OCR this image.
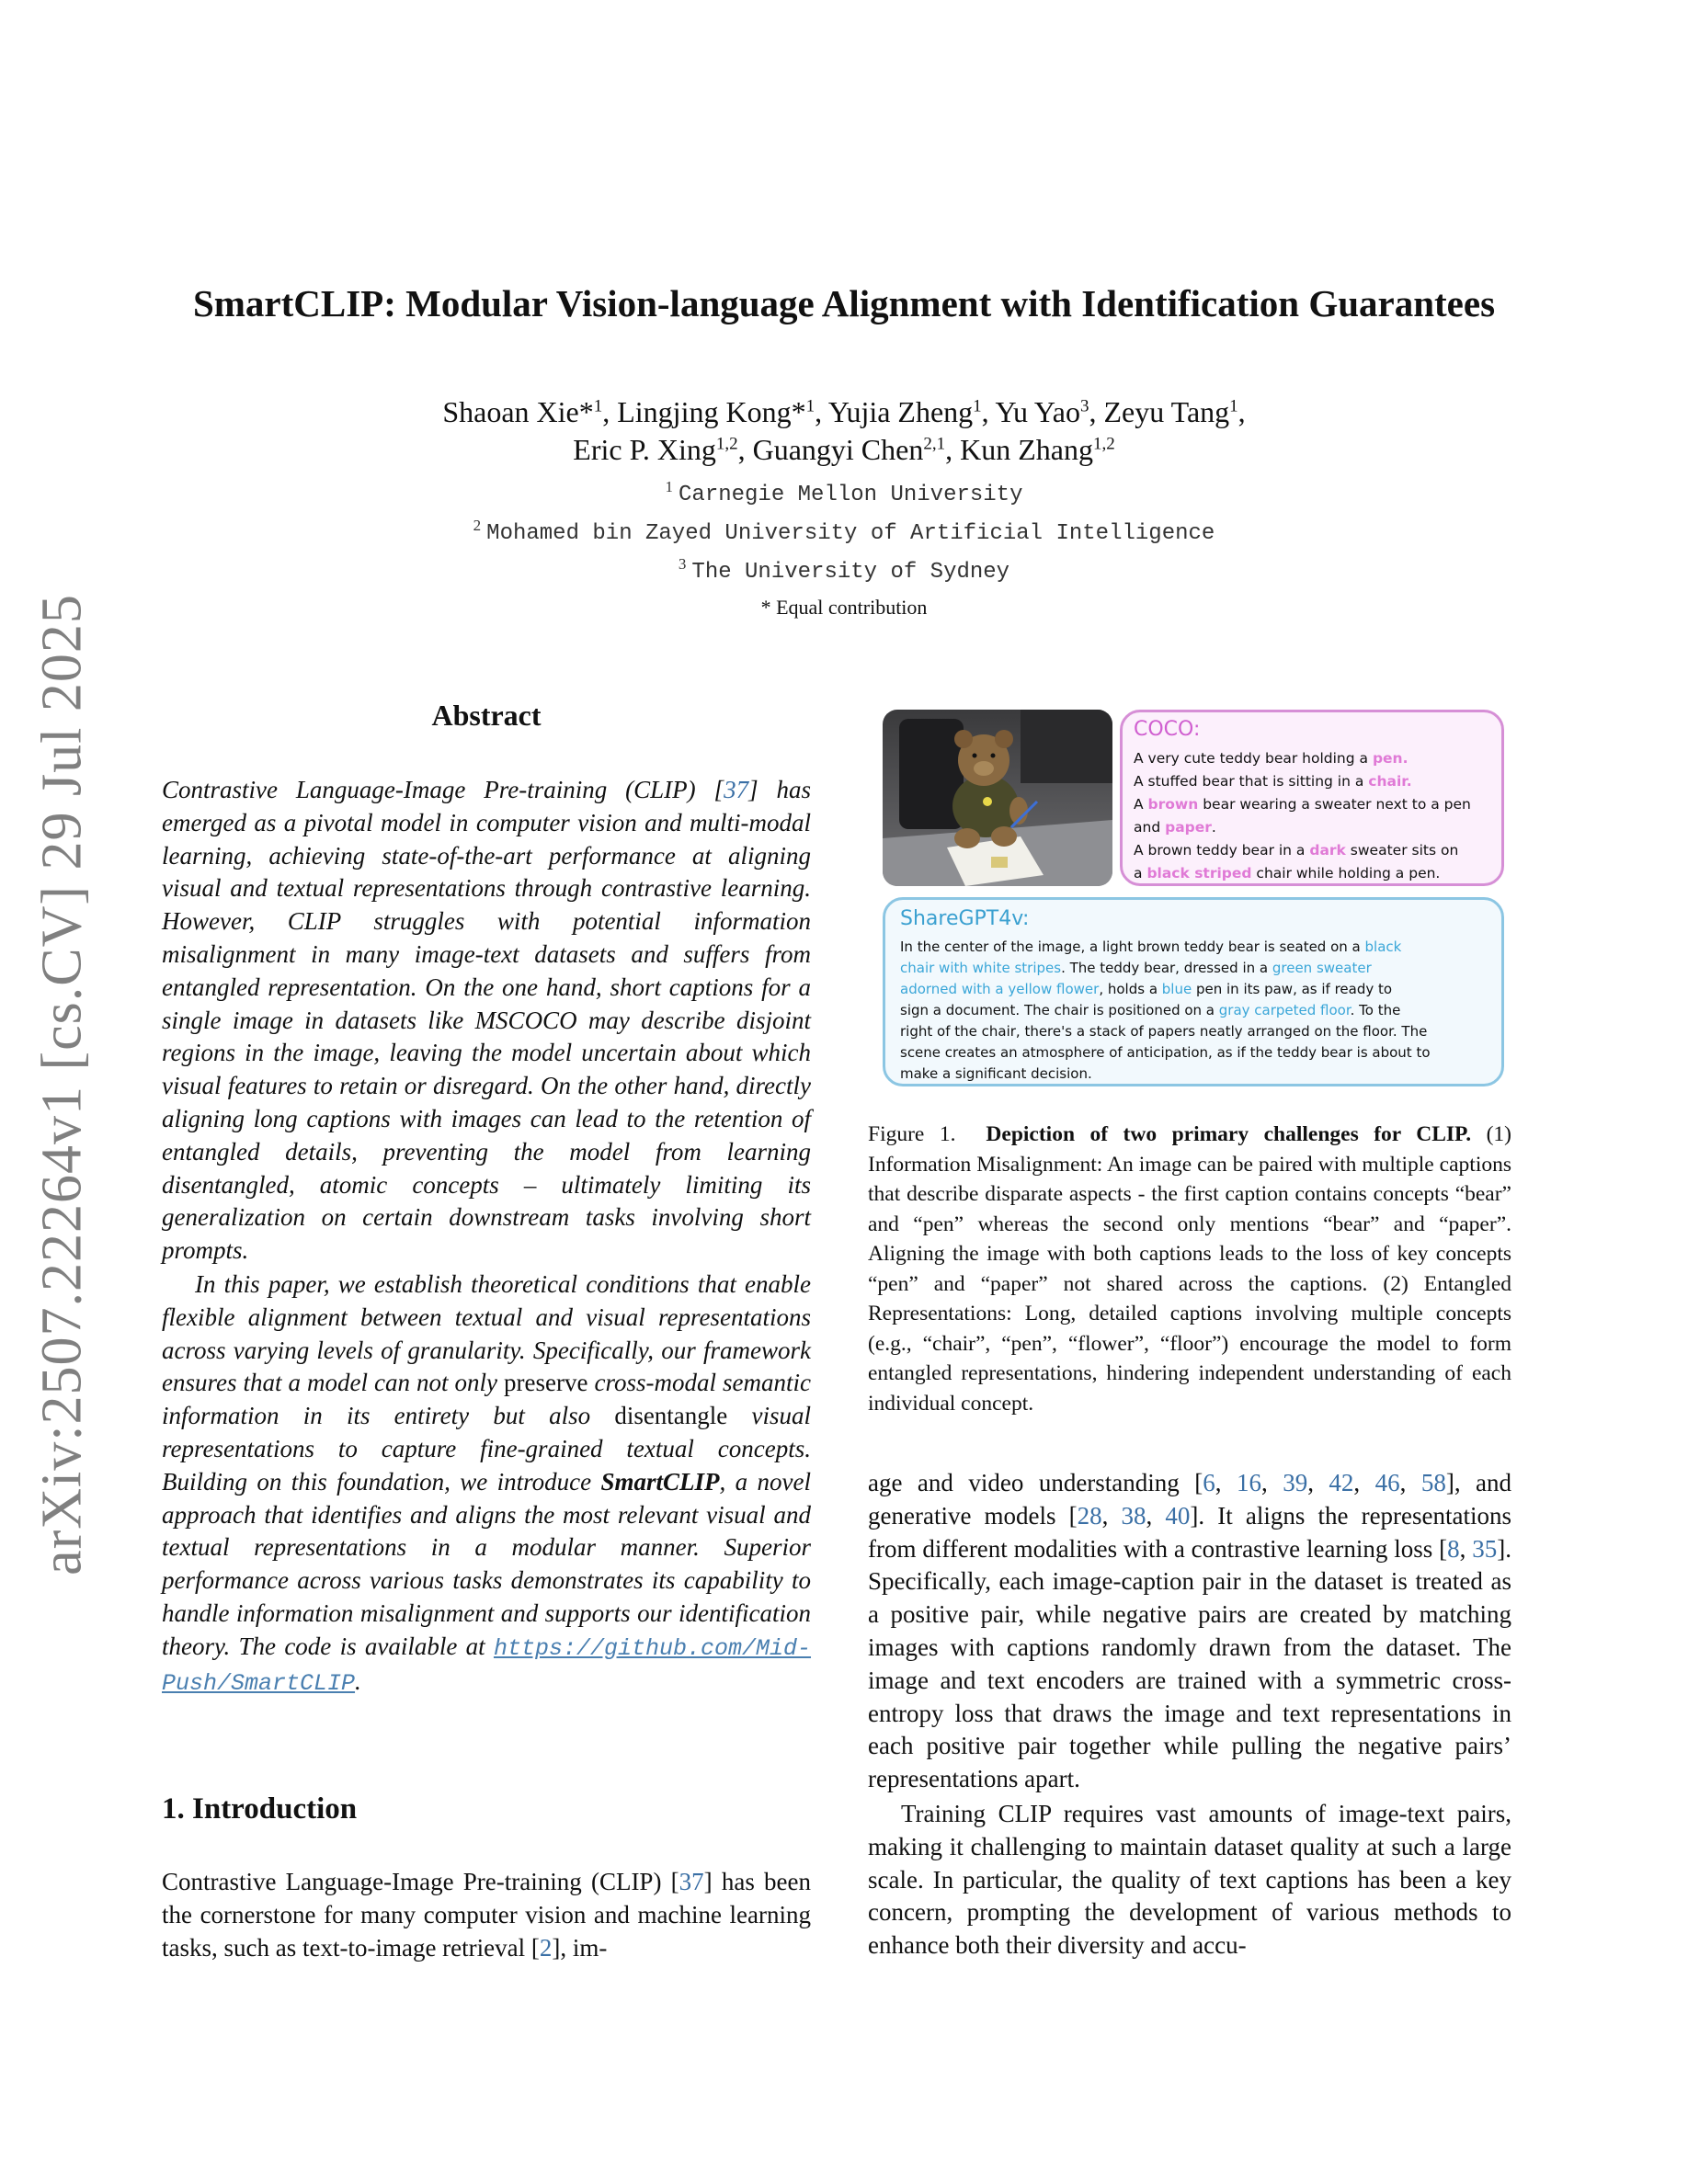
arXiv:2507.22264v1 [cs.CV] 29 Jul 2025
SmartCLIP: Modular Vision-language Alignment with Identification Guarantees
Shaoan Xie*$^1$, Lingjing Kong*$^1$, Yujia Zheng$^1$, Yu Yao$^3$, Zeyu Tang$^1$,
Eric P. Xing$^{1,2}$, Guangyi Chen$^{2,1}$, Kun Zhang$^{1,2}$
$^1$ Carnegie Mellon University
$^2$ Mohamed bin Zayed University of Artificial Intelligence
$^3$ The University of Sydney
* Equal contribution
Abstract

Contrastive Language-Image Pre-training (CLIP) [37] has emerged as a pivotal model in computer vision and multi-modal learning, achieving state-of-the-art performance at aligning visual and textual representations through contrastive learning. However, CLIP struggles with potential information misalignment in many image-text datasets and suffers from entangled representation. On the one hand, short captions for a single image in datasets like MSCOCO may describe disjoint regions in the image, leaving the model uncertain about which visual features to retain or disregard. On the other hand, directly aligning long captions with images can lead to the retention of entangled details, preventing the model from learning disentangled, atomic concepts – ultimately limiting its generalization on certain downstream tasks involving short prompts.

In this paper, we establish theoretical conditions that enable flexible alignment between textual and visual representations across varying levels of granularity. Specifically, our framework ensures that a model can not only preserve cross-modal semantic information in its entirety but also disentangle visual representations to capture fine-grained textual concepts. Building on this foundation, we introduce SmartCLIP, a novel approach that identifies and aligns the most relevant visual and textual representations in a modular manner. Superior performance across various tasks demonstrates its capability to handle information misalignment and supports our identification theory. The code is available at https://github.com/Mid-Push/SmartCLIP.

1. Introduction

Contrastive Language-Image Pre-training (CLIP) [37] has been the cornerstone for many computer vision and machine learning tasks, such as text-to-image retrieval [2], im-

COCO:
A very cute teddy bear holding a pen.
A stuffed bear that is sitting in a chair.
A brown bear wearing a sweater next to a pen
and paper.
A brown teddy bear in a dark sweater sits on
a black striped chair while holding a pen.
ShareGPT4v:
In the center of the image, a light brown teddy bear is seated on a black
chair with white stripes. The teddy bear, dressed in a green sweater
adorned with a yellow flower, holds a blue pen in its paw, as if ready to
sign a document. The chair is positioned on a gray carpeted floor. To the
right of the chair, there's a stack of papers neatly arranged on the floor. The
scene creates an atmosphere of anticipation, as if the teddy bear is about to
make a significant decision.

Figure 1. Depiction of two primary challenges for CLIP. (1) Information Misalignment: An image can be paired with multiple captions that describe disparate aspects - the first caption contains concepts “bear” and “pen” whereas the second only mentions “bear” and “paper”. Aligning the image with both captions leads to the loss of key concepts “pen” and “paper” not shared across the captions. (2) Entangled Representations: Long, detailed captions involving multiple concepts (e.g., “chair”, “pen”, “flower”, “floor”) encourage the model to form entangled representations, hindering independent understanding of each individual concept.

age and video understanding [6, 16, 39, 42, 46, 58], and generative models [28, 38, 40]. It aligns the representations from different modalities with a contrastive learning loss [8, 35]. Specifically, each image-caption pair in the dataset is treated as a positive pair, while negative pairs are created by matching images with captions randomly drawn from the dataset. The image and text encoders are trained with a symmetric cross-entropy loss that draws the image and text representations in each positive pair together while pulling the negative pairs’ representations apart.

Training CLIP requires vast amounts of image-text pairs, making it challenging to maintain dataset quality at such a large scale. In particular, the quality of text captions has been a key concern, prompting the development of various methods to enhance both their diversity and accu-
